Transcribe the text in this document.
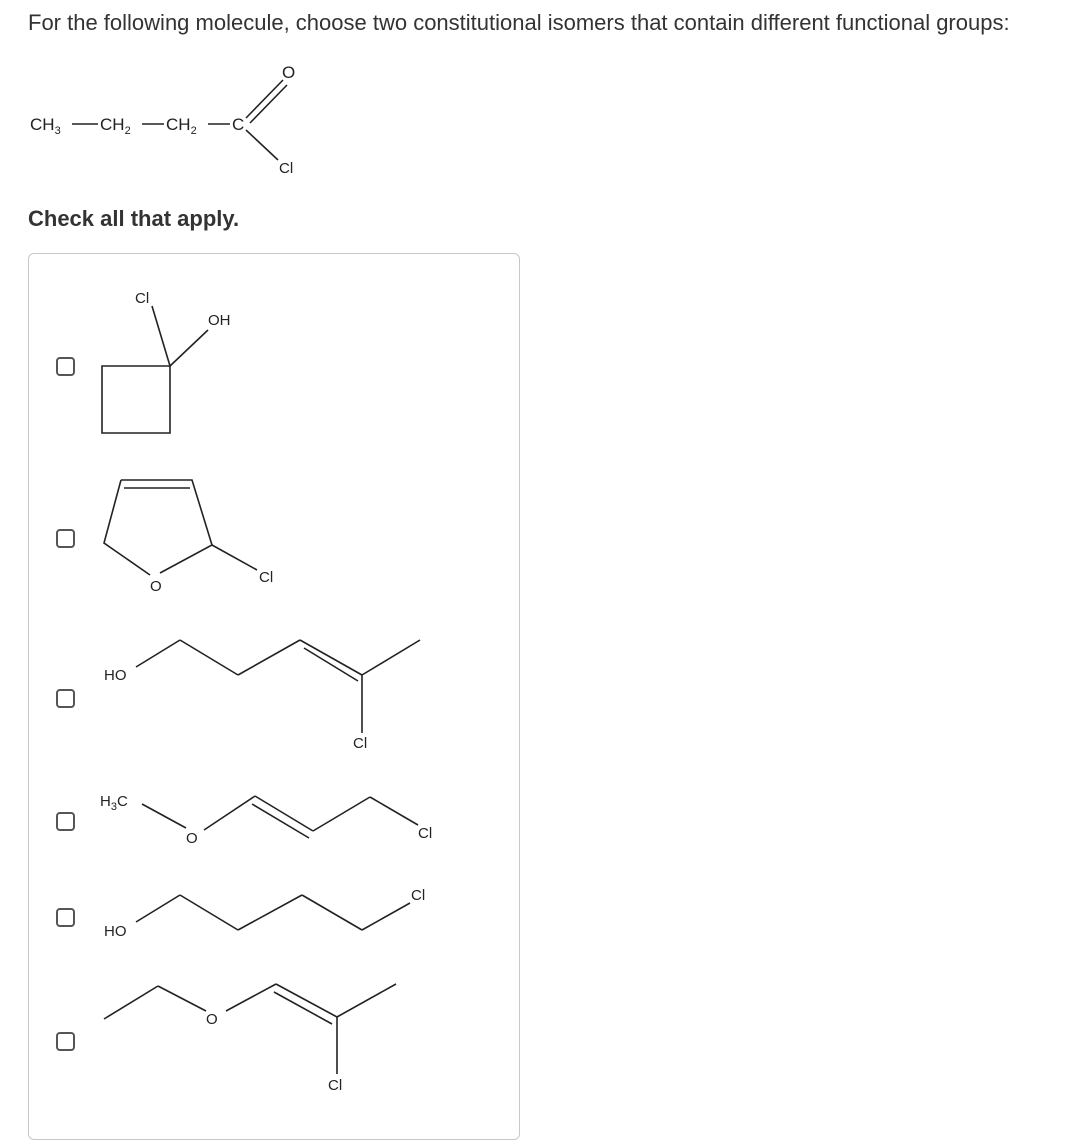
For the following molecule, choose two constitutional isomers that contain different functional groups:
$CH_3$ $CH_2$ $CH_2$ C
O
Cl
Check all that apply.
Cl
OH
O
Cl
HO
Cl
$H_3C$
O	Cl
HO
Cl
O
Cl
